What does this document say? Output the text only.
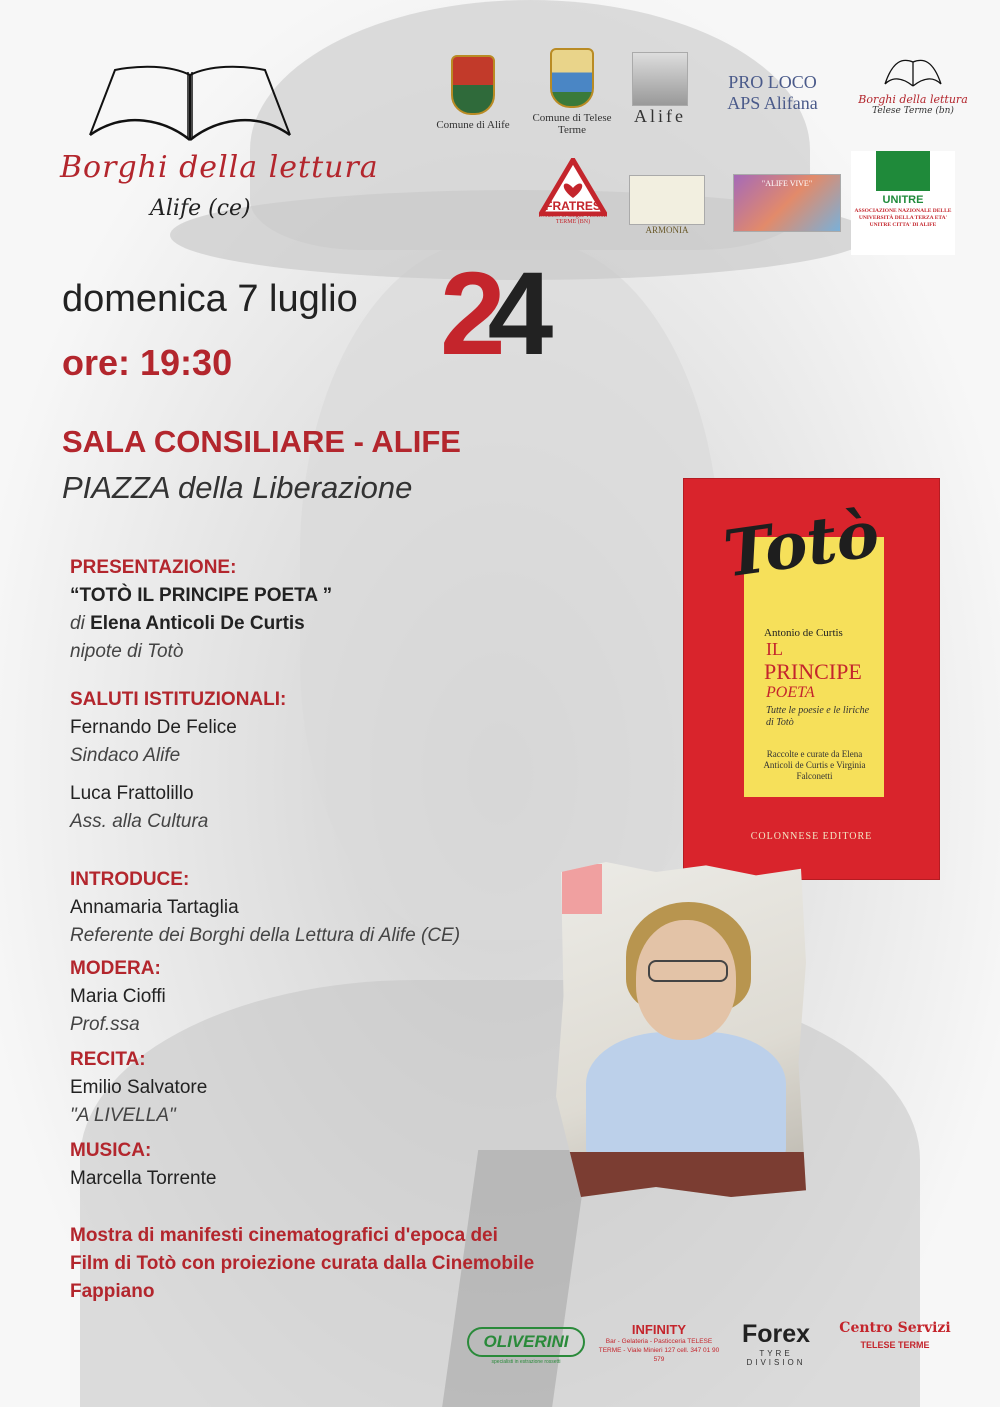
Borghi della lettura
Alife (ce)
Comune di Alife
Comune di Telese Terme
Alife
PRO LOCO APS Alifana	Borghi della lettura
Telese Terme (bn)
FRATRES
Donatori di sangue TELESE TERME (BN)
ARMONIA
"ALIFE VIVE"
UNITRE
ASSOCIAZIONE NAZIONALE DELLE UNIVERSITÀ DELLA TERZA ETA' UNITRE CITTA' DI ALIFE
domenica 7 luglio
ore: 19:30 24
SALA CONSILIARE - ALIFE
PIAZZA della Liberazione
PRESENTAZIONE:
“TOTÒ IL PRINCIPE POETA ”
di Elena Anticoli De Curtis
nipote di Totò
SALUTI ISTITUZIONALI:
Fernando De Felice
Sindaco Alife
Luca Frattolillo
Ass. alla Cultura
INTRODUCE:
Annamaria Tartaglia
Referente dei Borghi della Lettura di Alife (CE)
MODERA:
Maria Cioffi
Prof.ssa
RECITA:
Emilio Salvatore
"A LIVELLA"
MUSICA:
Marcella Torrente
Mostra di manifesti cinematografici d'epoca dei Film di Totò con proiezione curata dalla Cinemobile Fappiano
Totò
Antonio de Curtis
IL
PRINCIPE
POETA
Tutte le poesie e le liriche di Totò
Raccolte e curate da Elena Anticoli de Curtis e Virginia Falconetti
COLONNESE EDITORE
OLIVERINI
specialisti in estrazione rossetti
INFINITY
Bar - Gelateria - Pasticceria TELESE TERME - Viale Minieri 127 cell. 347 01 90 579
Forex
TYRE DIVISION
Centro Servizi
TELESE TERME
